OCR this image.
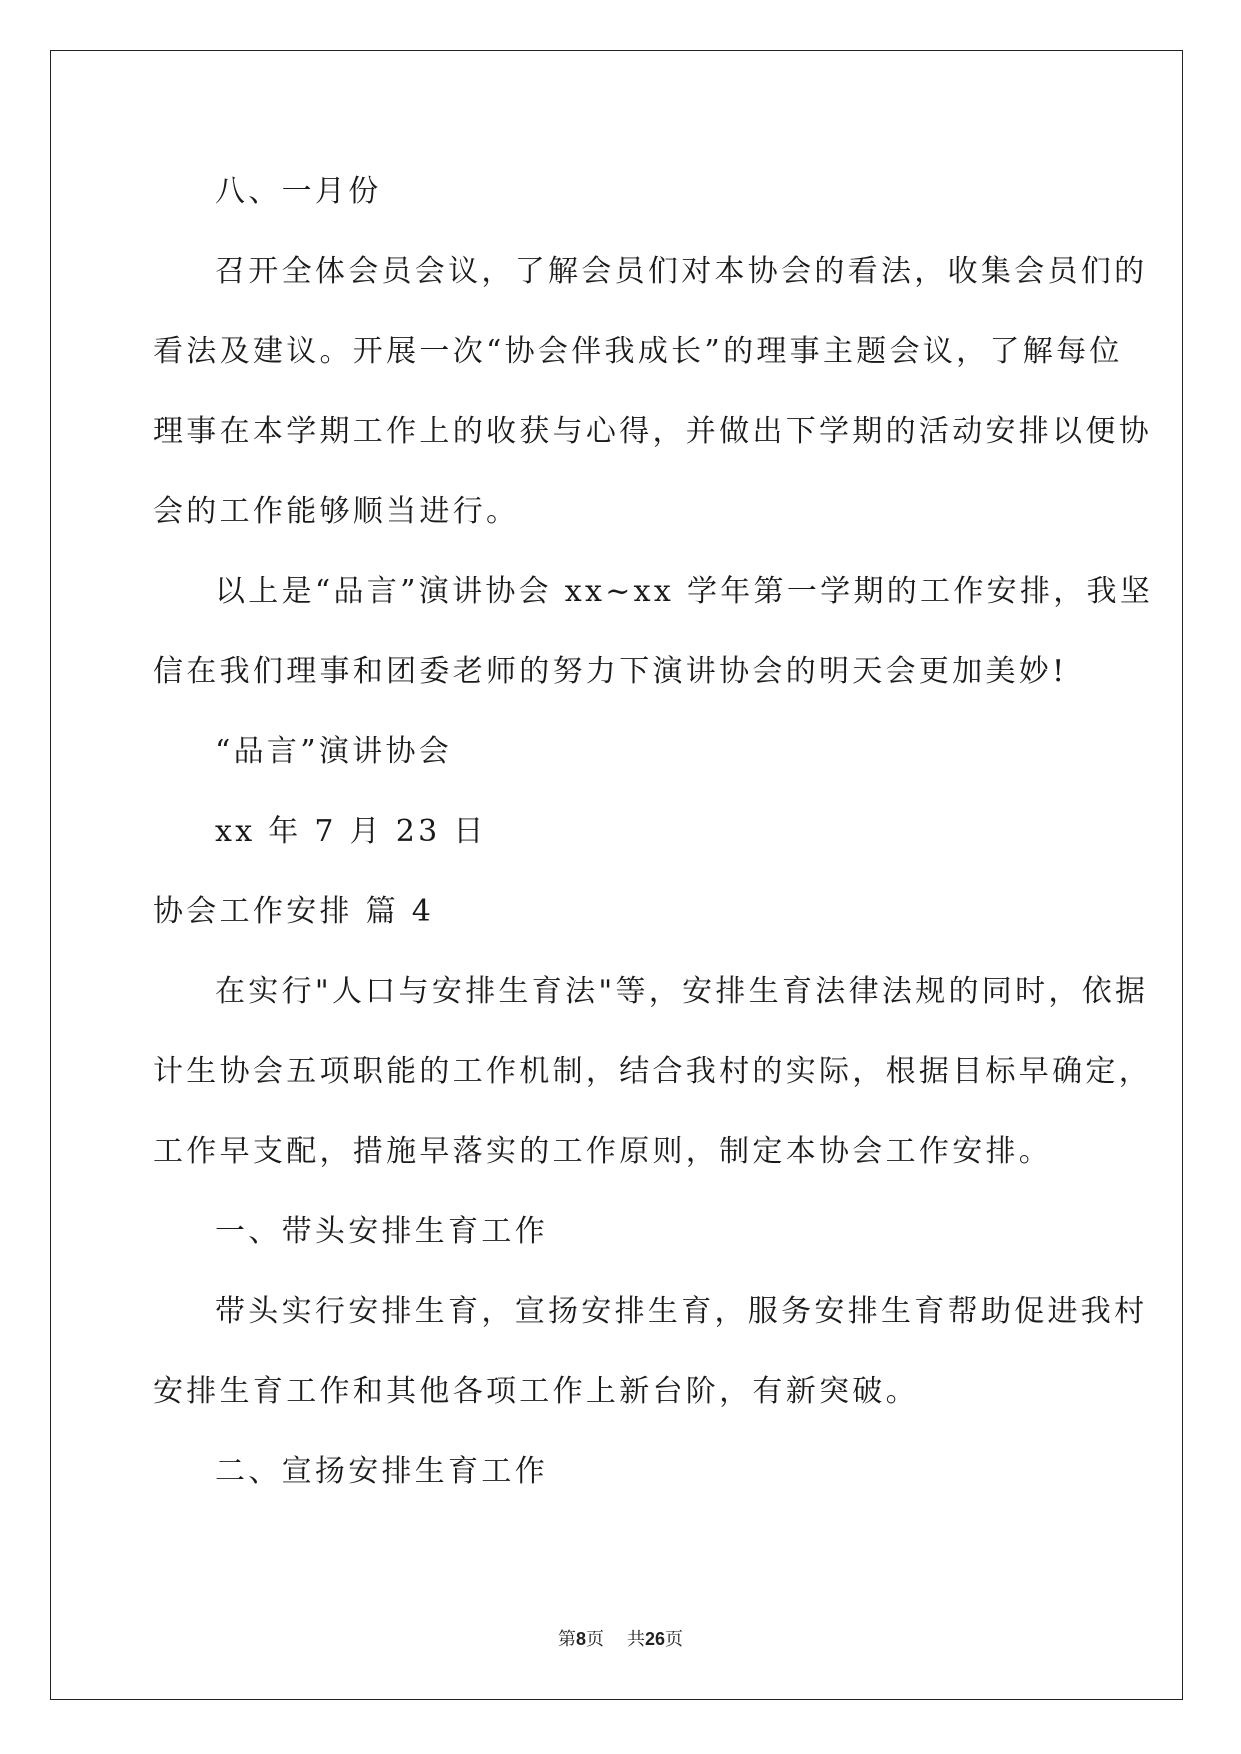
八、一月份
召开全体会员会议，了解会员们对本协会的看法，收集会员们的
看法及建议。开展一次“协会伴我成长”的理事主题会议，了解每位
理事在本学期工作上的收获与心得，并做出下学期的活动安排以便协
会的工作能够顺当进行。
以上是“品言”演讲协会 xx~xx 学年第一学期的工作安排，我坚
信在我们理事和团委老师的努力下演讲协会的明天会更加美妙!
“品言”演讲协会
xx 年 7 月 23 日
协会工作安排 篇 4
在实行"人口与安排生育法"等，安排生育法律法规的同时，依据
计生协会五项职能的工作机制，结合我村的实际，根据目标早确定，
工作早支配，措施早落实的工作原则，制定本协会工作安排。
一、带头安排生育工作
带头实行安排生育，宣扬安排生育，服务安排生育帮助促进我村
安排生育工作和其他各项工作上新台阶，有新突破。
二、宣扬安排生育工作
第8页 共26页
